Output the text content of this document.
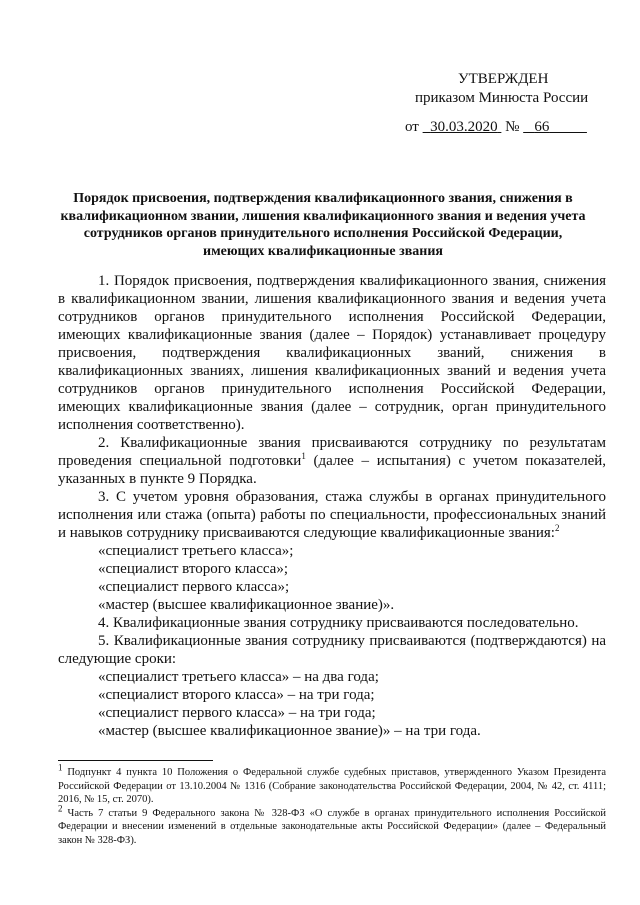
УТВЕРЖДЕН
приказом Минюста России
от 30.03.2020 № 66
Порядок присвоения, подтверждения квалификационного звания, снижения в квалификационном звании, лишения квалификационного звания и ведения учета сотрудников органов принудительного исполнения Российской Федерации, имеющих квалификационные звания

1. Порядок присвоения, подтверждения квалификационного звания, снижения в квалификационном звании, лишения квалификационного звания и ведения учета сотрудников органов принудительного исполнения Российской Федерации, имеющих квалификационные звания (далее – Порядок) устанавливает процедуру присвоения, подтверждения квалификационных званий, снижения в квалификационных званиях, лишения квалификационных званий и ведения учета сотрудников органов принудительного исполнения Российской Федерации, имеющих квалификационные звания (далее – сотрудник, орган принудительного исполнения соответственно).

2. Квалификационные звания присваиваются сотруднику по результатам проведения специальной подготовки$^1$ (далее – испытания) с учетом показателей, указанных в пункте 9 Порядка.

3. С учетом уровня образования, стажа службы в органах принудительного исполнения или стажа (опыта) работы по специальности, профессиональных знаний и навыков сотруднику присваиваются следующие квалификационные звания:$^2$

«специалист третьего класса»;

«специалист второго класса»;

«специалист первого класса»;

«мастер (высшее квалификационное звание)».

4. Квалификационные звания сотруднику присваиваются последовательно.

5. Квалификационные звания сотруднику присваиваются (подтверждаются) на следующие сроки:

«специалист третьего класса» – на два года;

«специалист второго класса» – на три года;

«специалист первого класса» – на три года;

«мастер (высшее квалификационное звание)» – на три года.

$^1$ Подпункт 4 пункта 10 Положения о Федеральной службе судебных приставов, утвержденного Указом Президента Российской Федерации от 13.10.2004 № 1316 (Собрание законодательства Российской Федерации, 2004, № 42, ст. 4111; 2016, № 15, ст. 2070).

$^2$ Часть 7 статьи 9 Федерального закона № 328-ФЗ «О службе в органах принудительного исполнения Российской Федерации и внесении изменений в отдельные законодательные акты Российской Федерации» (далее – Федеральный закон № 328-ФЗ).
